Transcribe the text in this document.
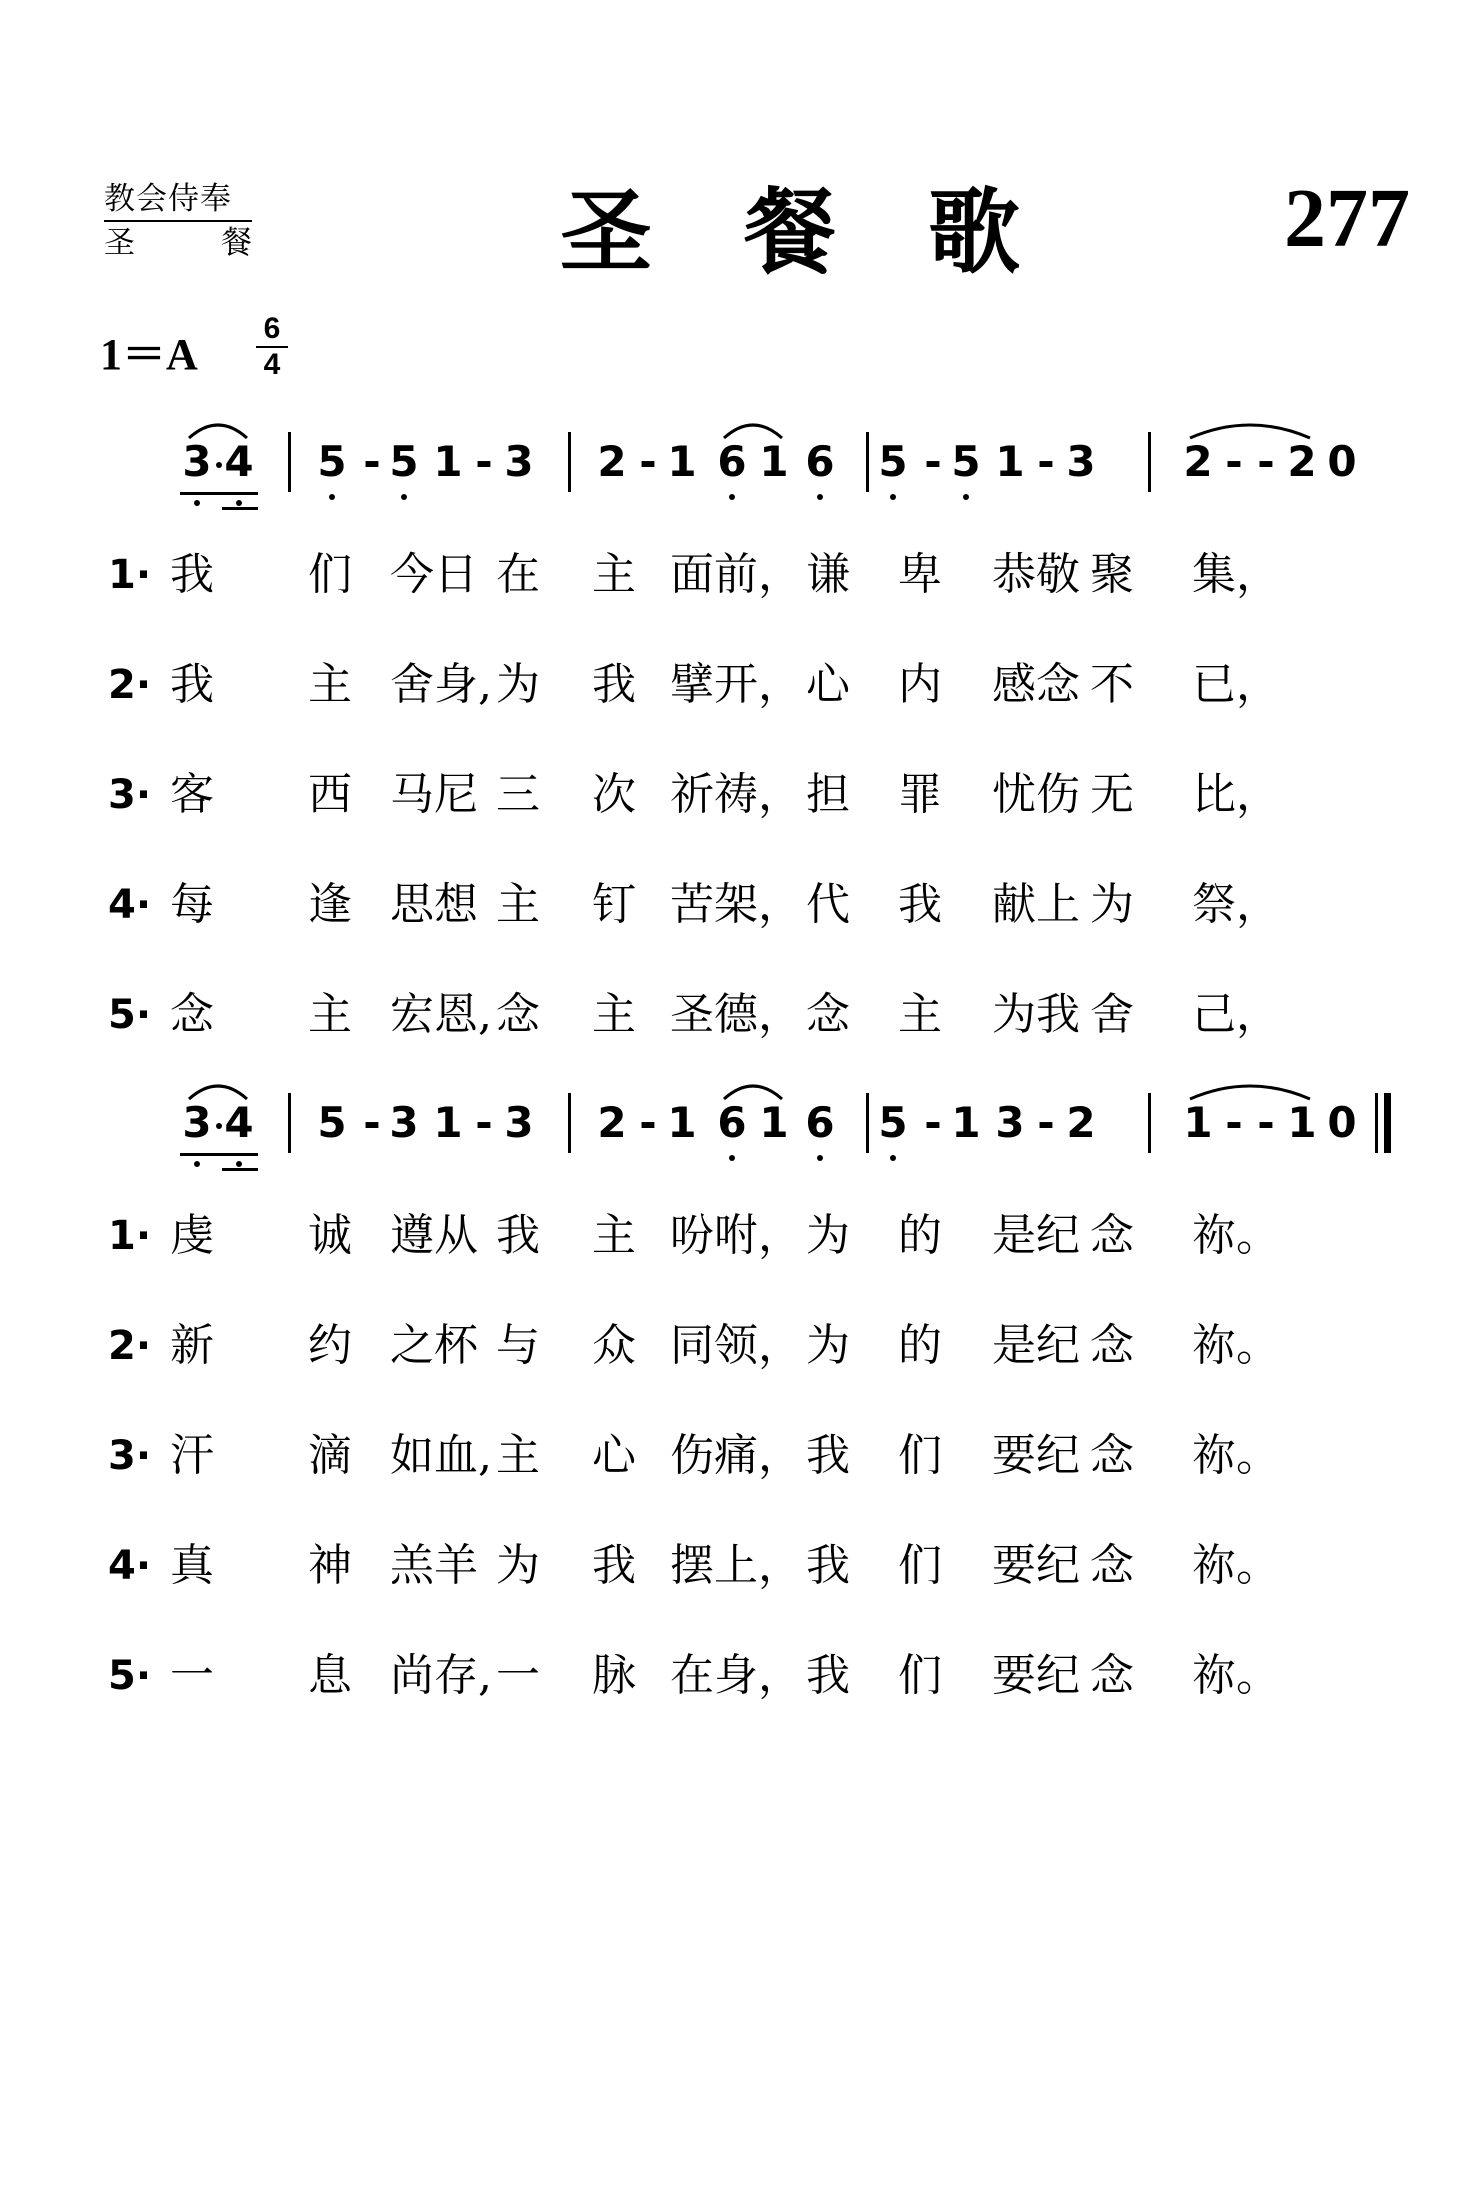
教会侍奉
圣	餐	圣 餐 歌	277
1＝A
6
4
3 4 5 - 5 1 - 3 2 - 1 6 1 6 5 - 5 1 - 3 2 - - 2 0
1· 我	们 今日 在	主 面前， 谦	卑	恭敬 聚	集，
2· 我	主 舍身, 为	我 擘开， 心	内	感念 不	已，
3· 客	西 马尼 三	次 祈祷， 担	罪	忧伤 无	比，
4· 每	逢 思想 主	钉 苦架， 代	我	献上 为	祭，
5· 念	主 宏恩, 念	主 圣德， 念	主	为我 舍	己，
3 4 5 - 3 1 - 3 2 - 1 6 1 6 5 - 1 3 - 2 1 - - 1 0
1· 虔	诚 遵从 我	主 吩咐， 为	的	是纪 念	祢。
2· 新	约 之杯 与	众 同领， 为	的	是纪 念	祢。
3· 汗	滴 如血, 主	心 伤痛， 我	们	要纪 念	祢。
4· 真	神 羔羊 为	我 摆上， 我	们	要纪 念	祢。
5· 一	息 尚存, 一	脉 在身， 我	们	要纪 念	祢。
